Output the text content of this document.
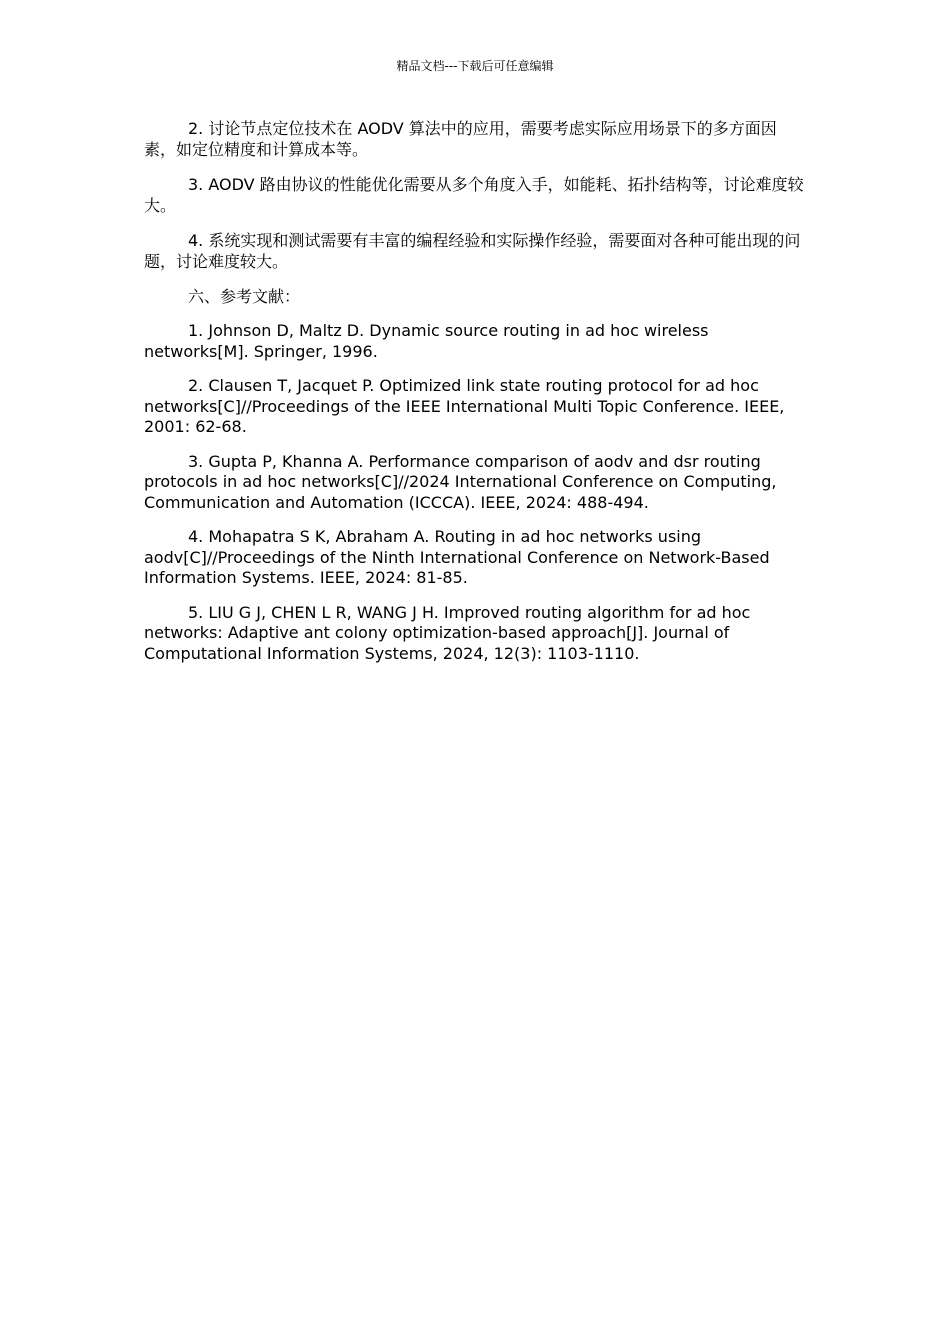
精品文档---下载后可任意编辑

2. 讨论节点定位技术在 AODV 算法中的应用，需要考虑实际应用场景下的多方面因素，如定位精度和计算成本等。

3. AODV 路由协议的性能优化需要从多个角度入手，如能耗、拓扑结构等，讨论难度较大。

4. 系统实现和测试需要有丰富的编程经验和实际操作经验，需要面对各种可能出现的问题，讨论难度较大。

六、参考文献：

1. Johnson D, Maltz D. Dynamic source routing in ad hoc wireless networks[M]. Springer, 1996.

2. Clausen T, Jacquet P. Optimized link state routing protocol for ad hoc networks[C]//Proceedings of the IEEE International Multi Topic Conference. IEEE, 2001: 62-68.

3. Gupta P, Khanna A. Performance comparison of aodv and dsr routing protocols in ad hoc networks[C]//2024 International Conference on Computing, Communication and Automation (ICCCA). IEEE, 2024: 488-494.

4. Mohapatra S K, Abraham A. Routing in ad hoc networks using aodv[C]//Proceedings of the Ninth International Conference on Network-Based Information Systems. IEEE, 2024: 81-85.

5. LIU G J, CHEN L R, WANG J H. Improved routing algorithm for ad hoc networks: Adaptive ant colony optimization-based approach[J]. Journal of Computational Information Systems, 2024, 12(3): 1103-1110.
